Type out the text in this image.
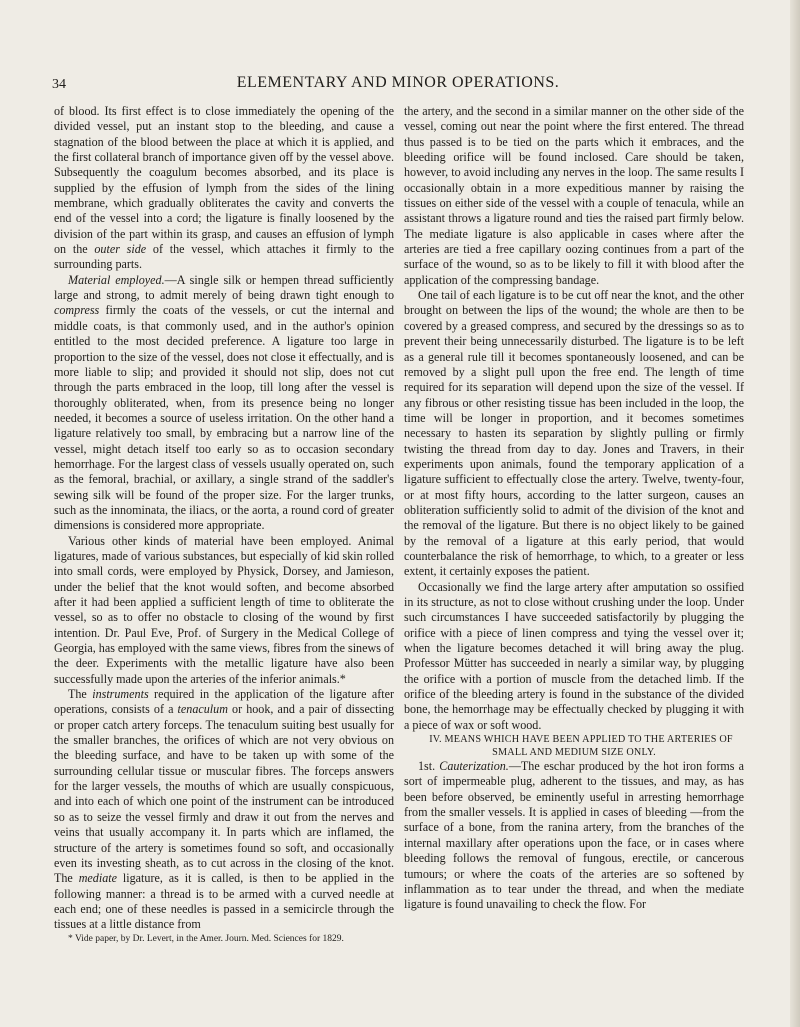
34	ELEMENTARY AND MINOR OPERATIONS.

of blood. Its first effect is to close immediately the opening of the divided vessel, put an instant stop to the bleeding, and cause a stagnation of the blood between the place at which it is applied, and the first collateral branch of importance given off by the vessel above. Subsequently the coagulum becomes absorbed, and its place is supplied by the effusion of lymph from the sides of the lining membrane, which gradually obliterates the cavity and converts the end of the vessel into a cord; the ligature is finally loosened by the division of the part within its grasp, and causes an effusion of lymph on the outer side of the vessel, which attaches it firmly to the surrounding parts.

Material employed.—A single silk or hempen thread sufficiently large and strong, to admit merely of being drawn tight enough to compress firmly the coats of the vessels, or cut the internal and middle coats, is that commonly used, and in the author's opinion entitled to the most decided preference. A ligature too large in proportion to the size of the vessel, does not close it effectually, and is more liable to slip; and provided it should not slip, does not cut through the parts embraced in the loop, till long after the vessel is thoroughly obliterated, when, from its presence being no longer needed, it becomes a source of useless irritation. On the other hand a ligature relatively too small, by embracing but a narrow line of the vessel, might detach itself too early so as to occasion secondary hemorrhage. For the largest class of vessels usually operated on, such as the femoral, brachial, or axillary, a single strand of the saddler's sewing silk will be found of the proper size. For the larger trunks, such as the innominata, the iliacs, or the aorta, a round cord of greater dimensions is considered more appropriate.

Various other kinds of material have been employed. Animal ligatures, made of various substances, but especially of kid skin rolled into small cords, were employed by Physick, Dorsey, and Jamieson, under the belief that the knot would soften, and become absorbed after it had been applied a sufficient length of time to obliterate the vessel, so as to offer no obstacle to closing of the wound by first intention. Dr. Paul Eve, Prof. of Surgery in the Medical College of Georgia, has employed with the same views, fibres from the sinews of the deer. Experiments with the metallic ligature have also been successfully made upon the arteries of the inferior animals.*

The instruments required in the application of the ligature after operations, consists of a tenaculum or hook, and a pair of dissecting or proper catch artery forceps. The tenaculum suiting best usually for the smaller branches, the orifices of which are not very obvious on the bleeding surface, and have to be taken up with some of the surrounding cellular tissue or muscular fibres. The forceps answers for the larger vessels, the mouths of which are usually conspicuous, and into each of which one point of the instrument can be introduced so as to seize the vessel firmly and draw it out from the nerves and veins that usually accompany it. In parts which are inflamed, the structure of the artery is sometimes found so soft, and occasionally even its investing sheath, as to cut across in the closing of the knot. The mediate ligature, as it is called, is then to be applied in the following manner: a thread is to be armed with a curved needle at each end; one of these needles is passed in a semicircle through the tissues at a little distance from

* Vide paper, by Dr. Levert, in the Amer. Journ. Med. Sciences for 1829.

the artery, and the second in a similar manner on the other side of the vessel, coming out near the point where the first entered. The thread thus passed is to be tied on the parts which it embraces, and the bleeding orifice will be found inclosed. Care should be taken, however, to avoid including any nerves in the loop. The same results I occasionally obtain in a more expeditious manner by raising the tissues on either side of the vessel with a couple of tenacula, while an assistant throws a ligature round and ties the raised part firmly below. The mediate ligature is also applicable in cases where after the arteries are tied a free capillary oozing continues from a part of the surface of the wound, so as to be likely to fill it with blood after the application of the compressing bandage.

One tail of each ligature is to be cut off near the knot, and the other brought on between the lips of the wound; the whole are then to be covered by a greased compress, and secured by the dressings so as to prevent their being unnecessarily disturbed. The ligature is to be left as a general rule till it becomes spontaneously loosened, and can be removed by a slight pull upon the free end. The length of time required for its separation will depend upon the size of the vessel. If any fibrous or other resisting tissue has been included in the loop, the time will be longer in proportion, and it becomes sometimes necessary to hasten its separation by slightly pulling or firmly twisting the thread from day to day. Jones and Travers, in their experiments upon animals, found the temporary application of a ligature sufficient to effectually close the artery. Twelve, twenty-four, or at most fifty hours, according to the latter surgeon, causes an obliteration sufficiently solid to admit of the division of the knot and the removal of the ligature. But there is no object likely to be gained by the removal of a ligature at this early period, that would counterbalance the risk of hemorrhage, to which, to a greater or less extent, it certainly exposes the patient.

Occasionally we find the large artery after amputation so ossified in its structure, as not to close without crushing under the loop. Under such circumstances I have succeeded satisfactorily by plugging the orifice with a piece of linen compress and tying the vessel over it; when the ligature becomes detached it will bring away the plug. Professor Mütter has succeeded in nearly a similar way, by plugging the orifice with a portion of muscle from the detached limb. If the orifice of the bleeding artery is found in the substance of the divided bone, the hemorrhage may be effectually checked by plugging it with a piece of wax or soft wood.

IV. MEANS WHICH HAVE BEEN APPLIED TO THE ARTERIES OF SMALL AND MEDIUM SIZE ONLY.

1st. Cauterization.—The eschar produced by the hot iron forms a sort of impermeable plug, adherent to the tissues, and may, as has been before observed, be eminently useful in arresting hemorrhage from the smaller vessels. It is applied in cases of bleeding —from the surface of a bone, from the ranina artery, from the branches of the internal maxillary after operations upon the face, or in cases where bleeding follows the removal of fungous, erectile, or cancerous tumours; or where the coats of the arteries are so softened by inflammation as to tear under the thread, and when the mediate ligature is found unavailing to check the flow. For
